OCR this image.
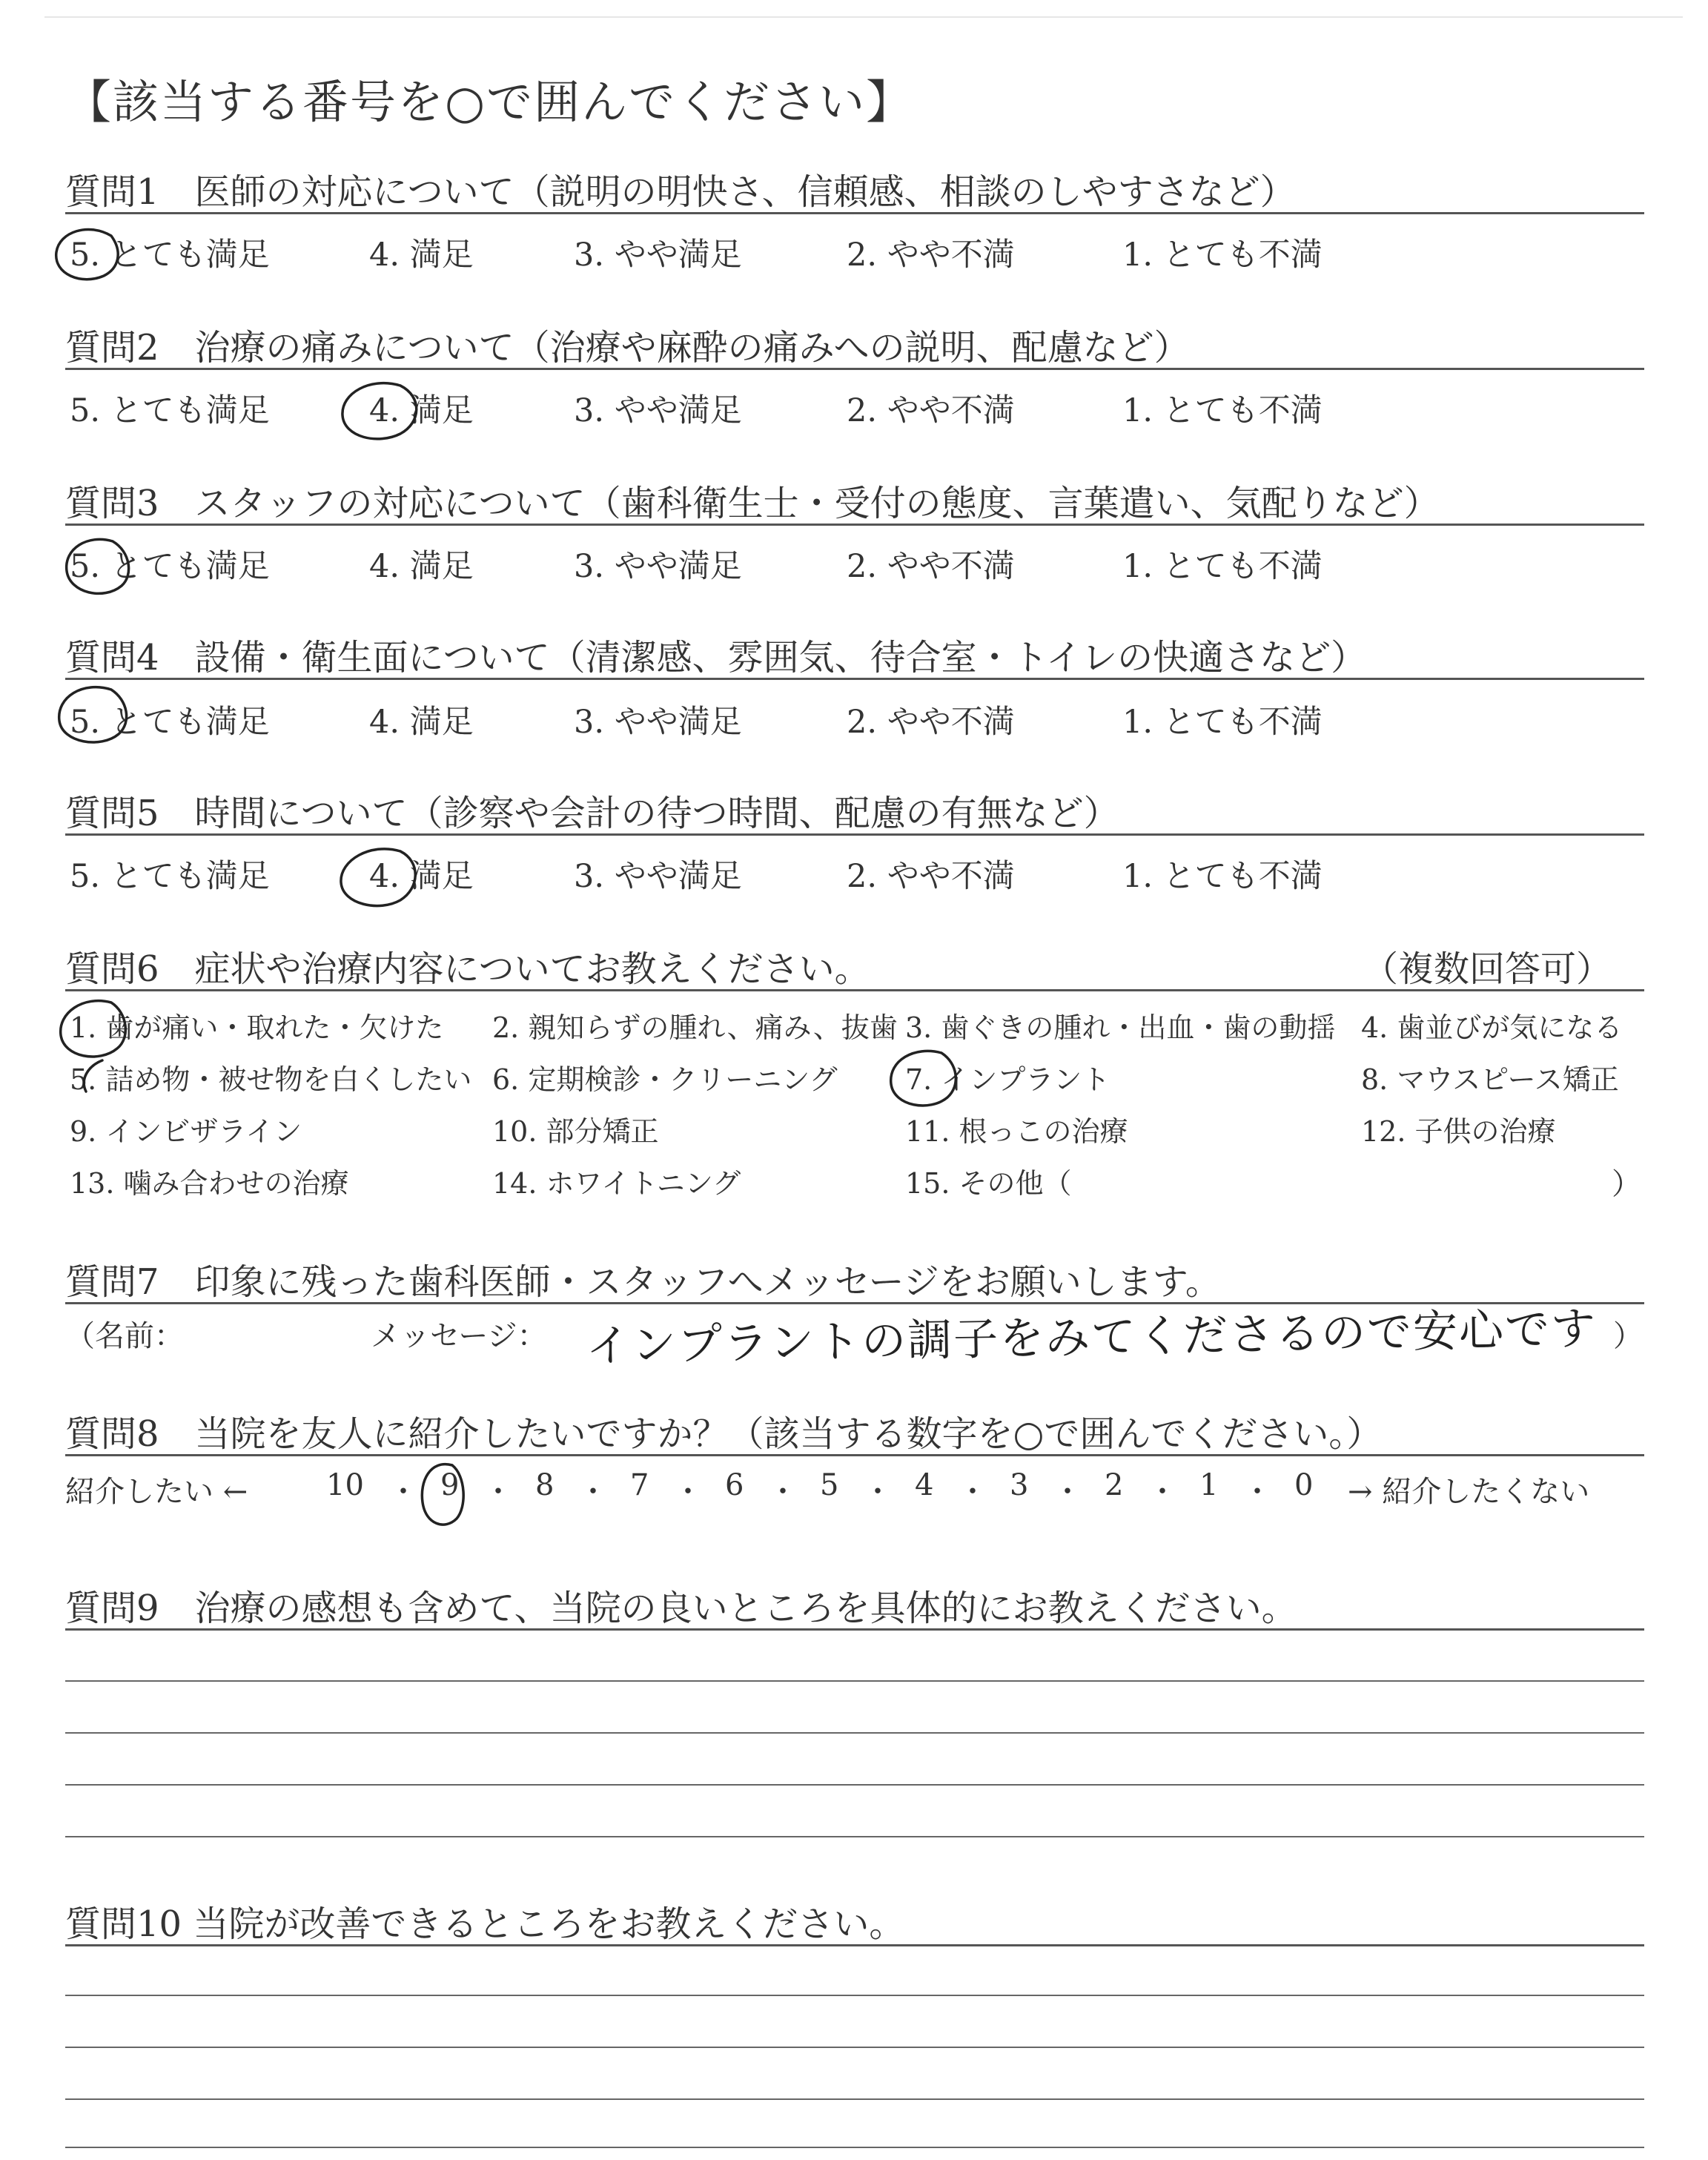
【該当する番号を○で囲んでください】
質問1　医師の対応について（説明の明快さ、信頼感、相談のしやすさなど）
5. とても満足	4. 満足	3. やや満足	2. やや不満	1. とても不満
質問2　治療の痛みについて（治療や麻酔の痛みへの説明、配慮など）
5. とても満足	4. 満足	3. やや満足	2. やや不満	1. とても不満
質問3　スタッフの対応について（歯科衛生士・受付の態度、言葉遣い、気配りなど）
5. とても満足	4. 満足	3. やや満足	2. やや不満	1. とても不満
質問4　設備・衛生面について（清潔感、雰囲気、待合室・トイレの快適さなど）
5. とても満足	4. 満足	3. やや満足	2. やや不満	1. とても不満
質問5　時間について（診察や会計の待つ時間、配慮の有無など）
5. とても満足	4. 満足	3. やや満足	2. やや不満	1. とても不満
質問6　症状や治療内容についてお教えください。	（複数回答可）
1. 歯が痛い・取れた・欠けた 2. 親知らずの腫れ、痛み、抜歯 3. 歯ぐきの腫れ・出血・歯の動揺 4. 歯並びが気になる
5. 詰め物・被せ物を白くしたい 6. 定期検診・クリーニング 7. インプラント	8. マウスピース矯正
9. インビザライン	10. 部分矯正	11. 根っこの治療	12. 子供の治療
13. 噛み合わせの治療	14. ホワイトニング	15. その他（	）
質問7　印象に残った歯科医師・スタッフへメッセージをお願いします。
（名前：	メッセージ：	）
インプラントの調子をみてくださるので安心です
質問8　当院を友人に紹介したいですか？（該当する数字を○で囲んでください。）
紹介したい ←	10 ・ 9 ・ 8 ・ 7 ・ 6 ・ 5 ・ 4 ・ 3 ・ 2 ・ 1 ・ 0 → 紹介したくない
質問9　治療の感想も含めて、当院の良いところを具体的にお教えください。
質問10 当院が改善できるところをお教えください。
